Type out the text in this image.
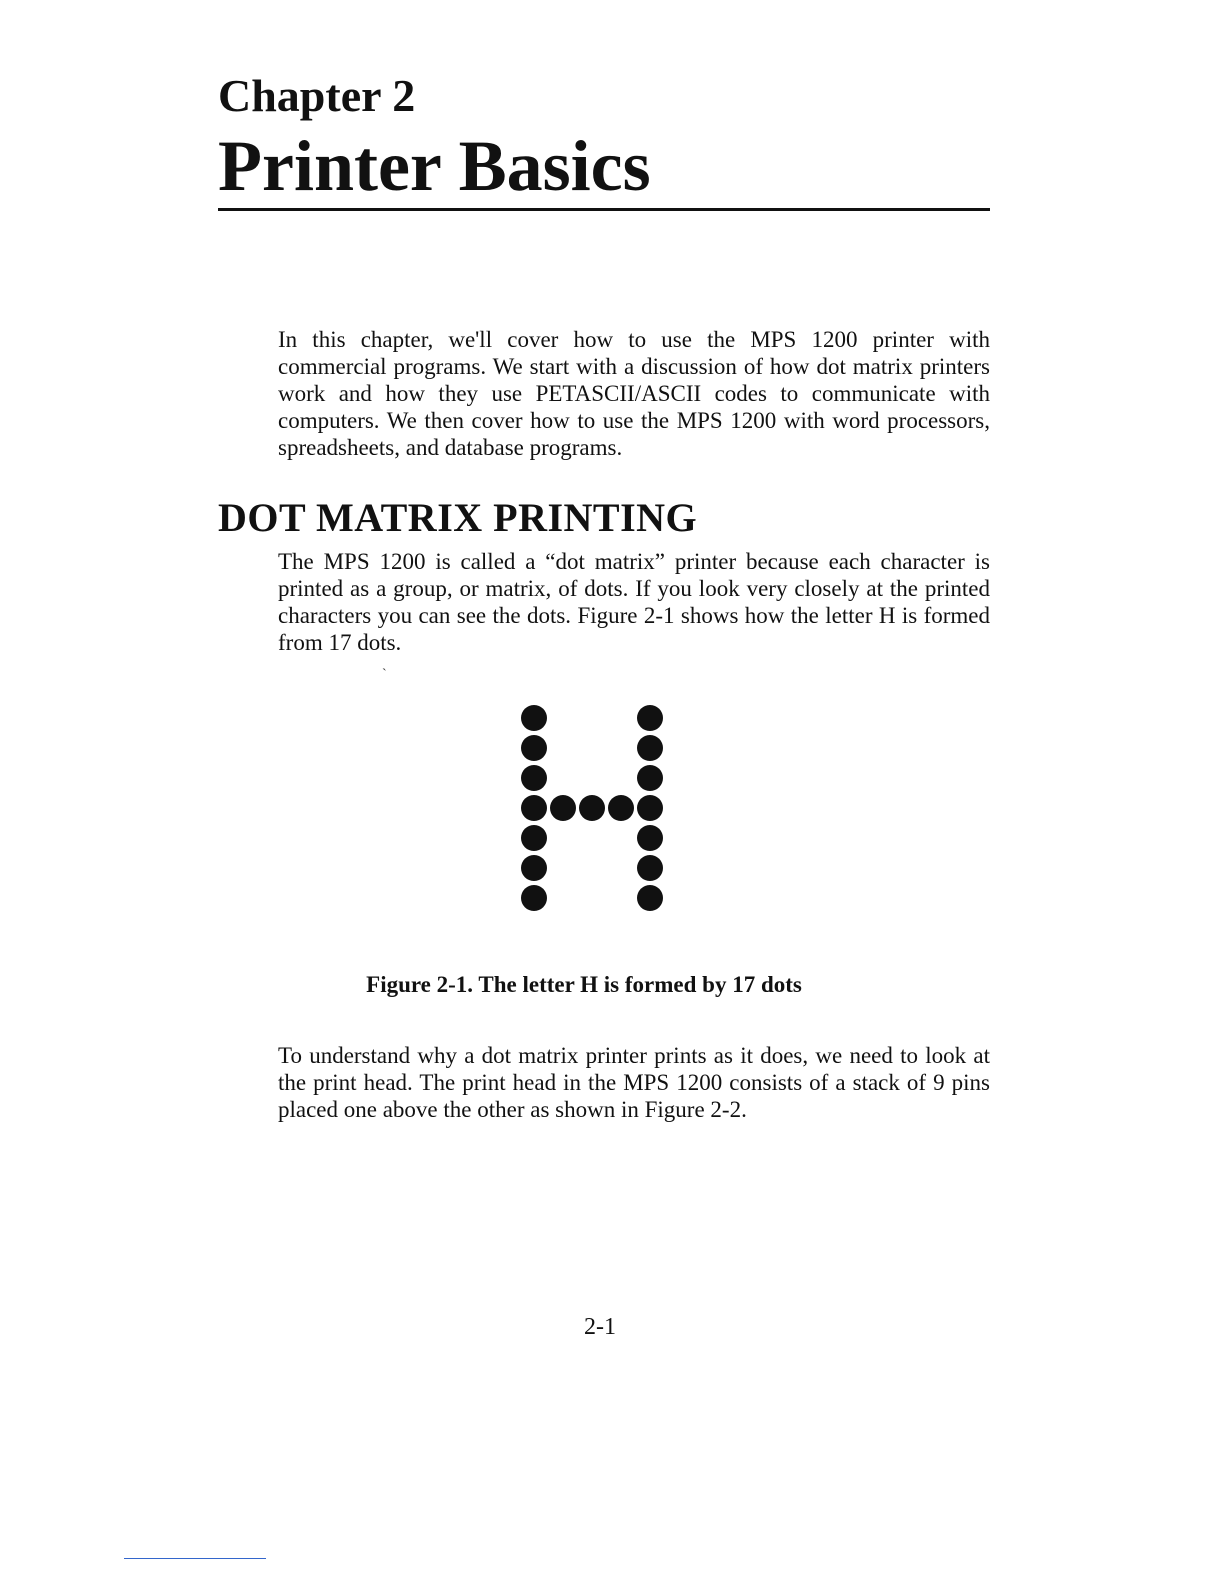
Chapter 2
Printer Basics

In this chapter, we'll cover how to use the MPS 1200 printer with commercial programs. We start with a discussion of how dot matrix printers work and how they use PETASCII/ASCII codes to communicate with computers. We then cover how to use the MPS 1200 with word processors, spreadsheets, and database programs.

DOT MATRIX PRINTING

The MPS 1200 is called a “dot matrix” printer because each character is printed as a group, or matrix, of dots. If you look very closely at the printed characters you can see the dots. Figure 2-1 shows how the letter H is formed from 17 dots.

`

Figure 2-1. The letter H is formed by 17 dots

To understand why a dot matrix printer prints as it does, we need to look at the print head. The print head in the MPS 1200 consists of a stack of 9 pins placed one above the other as shown in Figure 2-2.

2-1
